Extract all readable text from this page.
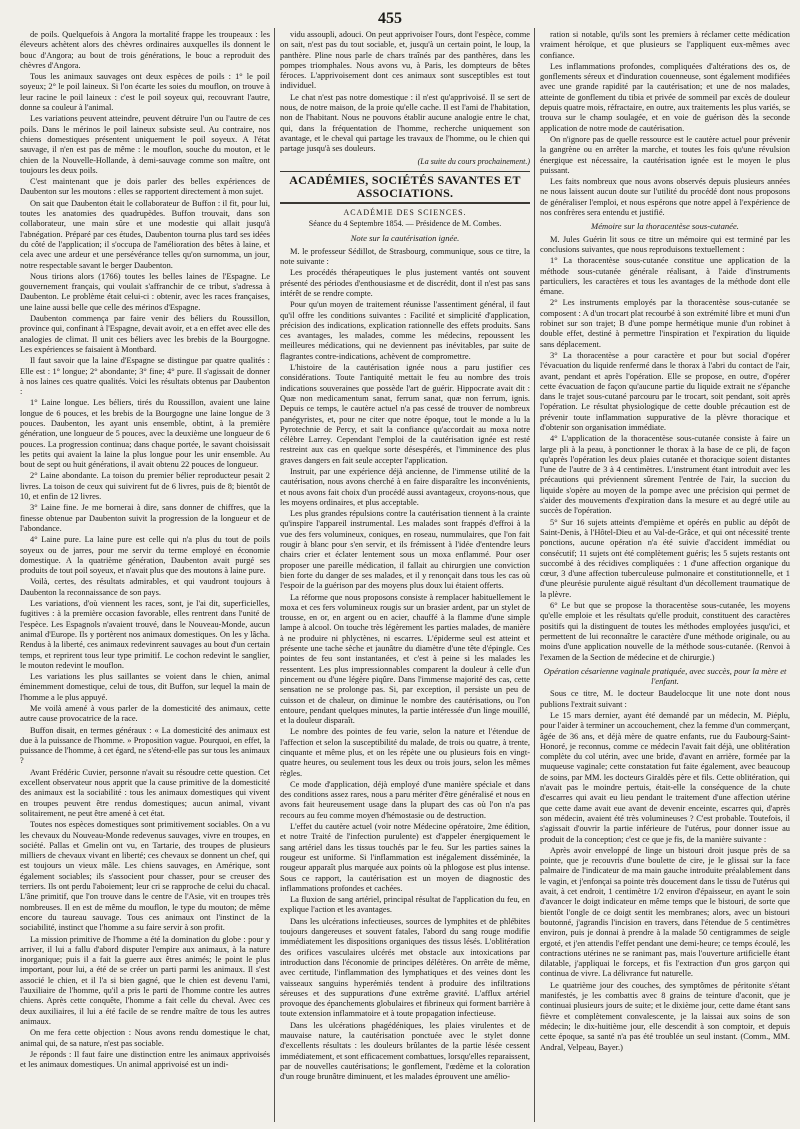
455

de poils. Quelquefois à Angora la mortalité frappe les troupeaux : les éleveurs achètent alors des chèvres ordinaires auxquelles ils donnent le bouc d'Angora; au bout de trois générations, le bouc a reproduit des chèvres d'Angora.

Tous les animaux sauvages ont deux espèces de poils : 1° le poil soyeux; 2° le poil laineux. Si l'on écarte les soies du mouflon, on trouve à leur racine le poil laineux : c'est le poil soyeux qui, recouvrant l'autre, donne sa couleur à l'animal.

Les variations peuvent atteindre, peuvent détruire l'un ou l'autre de ces poils. Dans le mérinos le poil laineux subsiste seul. Au contraire, nos chiens domestiques présentent uniquement le poil soyeux. A l'état sauvage, il n'en est pas de même : le mouflon, souche du mouton, et le chien de la Nouvelle-Hollande, à demi-sauvage comme son maître, ont toujours les deux poils.

C'est maintenant que je dois parler des belles expériences de Daubenton sur les moutons : elles se rapportent directement à mon sujet.

On sait que Daubenton était le collaborateur de Buffon : il fit, pour lui, toutes les anatomies des quadrupèdes. Buffon trouvait, dans son collaborateur, une main sûre et une modestie qui allait jusqu'à l'abnégation. Préparé par ces études, Daubenton tourna plus tard ses idées du côté de l'application; il s'occupa de l'amélioration des bêtes à laine, et cela avec une ardeur et une persévérance telles qu'on surnomma, un jour, notre respectable savant le berger Daubenton.

Nous tirions alors (1766) toutes les belles laines de l'Espagne. Le gouvernement français, qui voulait s'affranchir de ce tribut, s'adressa à Daubenton. Le problème était celui-ci : obtenir, avec les races françaises, une laine aussi belle que celle des mérinos d'Espagne.

Daubenton commença par faire venir des béliers du Roussillon, province qui, confinant à l'Espagne, devait avoir, et a en effet avec elle des analogies de climat. Il unit ces béliers avec les brebis de la Bourgogne. Les expériences se faisaient à Montbard.

Il faut savoir que la laine d'Espagne se distingue par quatre qualités : Elle est : 1° longue; 2° abondante; 3° fine; 4° pure. Il s'agissait de donner à nos laines ces quatre qualités. Voici les résultats obtenus par Daubenton :

1° Laine longue. Les béliers, tirés du Roussillon, avaient une laine longue de 6 pouces, et les brebis de la Bourgogne une laine longue de 3 pouces. Daubenton, les ayant unis ensemble, obtint, à la première génération, une longueur de 5 pouces, avec la deuxième une longueur de 6 pouces. La progression continua; dans chaque portée, le savant choisissait les petits qui avaient la laine la plus longue pour les unir ensemble. Au bout de sept ou huit générations, il avait obtenu 22 pouces de longueur.

2° Laine abondante. La toison du premier bélier reproducteur pesait 2 livres. La toison de ceux qui suivirent fut de 6 livres, puis de 8; bientôt de 10, et enfin de 12 livres.

3° Laine fine. Je me bornerai à dire, sans donner de chiffres, que la finesse obtenue par Daubenton suivit la progression de la longueur et de l'abondance.

4° Laine pure. La laine pure est celle qui n'a plus du tout de poils soyeux ou de jarres, pour me servir du terme employé en économie domestique. A la quatrième génération, Daubenton avait purgé ses produits de tout poil soyeux, et n'avait plus que des moutons à laine pure.

Voilà, certes, des résultats admirables, et qui vaudront toujours à Daubenton la reconnaissance de son pays.

Les variations, d'où viennent les races, sont, je l'ai dit, superficielles, fugitives : à la première occasion favorable, elles rentrent dans l'unité de l'espèce. Les Espagnols n'avaient trouvé, dans le Nouveau-Monde, aucun animal d'Europe. Ils y portèrent nos animaux domestiques. On les y lâcha. Rendus à la liberté, ces animaux redevinrent sauvages au bout d'un certain temps, et reprirent tous leur type primitif. Le cochon redevint le sanglier, le mouton redevint le mouflon.

Les variations les plus saillantes se voient dans le chien, animal éminemment domestique, celui de tous, dit Buffon, sur lequel la main de l'homme a le plus appuyé.

Me voilà amené à vous parler de la domesticité des animaux, cette autre cause provocatrice de la race.

Buffon disait, en termes généraux : « La domesticité des animaux est due à la puissance de l'homme. » Proposition vague. Pourquoi, en effet, la puissance de l'homme, à cet égard, ne s'étend-elle pas sur tous les animaux ?

Avant Frédéric Cuvier, personne n'avait su résoudre cette question. Cet excellent observateur nous apprit que la cause primitive de la domesticité des animaux est la sociabilité : tous les animaux domestiques qui vivent en troupes peuvent être rendus domestiques; aucun animal, vivant solitairement, ne peut être amené à cet état.

Toutes nos espèces domestiques sont primitivement sociables. On a vu les chevaux du Nouveau-Monde redevenus sauvages, vivre en troupes, en société. Pallas et Gmelin ont vu, en Tartarie, des troupes de plusieurs milliers de chevaux vivant en liberté; ces chevaux se donnent un chef, qui est toujours un vieux mâle. Les chiens sauvages, en Amérique, sont également sociables; ils s'associent pour chasser, pour se creuser des terriers. Ils ont perdu l'aboiement; leur cri se rapproche de celui du chacal. L'âne primitif, que l'on trouve dans le centre de l'Asie, vit en troupes très nombreuses. Il en est de même du mouflon, le type du mouton; de même encore du taureau sauvage. Tous ces animaux ont l'instinct de la sociabilité, instinct que l'homme a su faire servir à son profit.

La mission primitive de l'homme a été la domination du globe : pour y arriver, il lui a fallu d'abord disputer l'empire aux animaux, à la nature inorganique; puis il a fait la guerre aux êtres animés; le point le plus important, pour lui, a été de se créer un parti parmi les animaux. Il s'est associé le chien, et il l'a si bien gagné, que le chien est devenu l'ami, l'auxiliaire de l'homme, qu'il a pris le parti de l'homme contre les autres chiens. Après cette conquête, l'homme a fait celle du cheval. Avec ces deux auxiliaires, il lui a été facile de se rendre maître de tous les autres animaux.

On me fera cette objection : Nous avons rendu domestique le chat, animal qui, de sa nature, n'est pas sociable.

Je réponds : Il faut faire une distinction entre les animaux apprivoisés et les animaux domestiques. Un animal apprivoisé est un indi-

vidu assoupli, adouci. On peut apprivoiser l'ours, dont l'espèce, comme on sait, n'est pas du tout sociable, et, jusqu'à un certain point, le loup, la panthère. Pline nous parle de chars traînés par des panthères, dans les pompes triomphales. Nous avons vu, à Paris, les dompteurs de bêtes féroces. L'apprivoisement dont ces animaux sont susceptibles est tout individuel.

Le chat n'est pas notre domestique : il n'est qu'apprivoisé. Il se sert de nous, de notre maison, de la proie qu'elle cache. Il est l'ami de l'habitation, non de l'habitant. Nous ne pouvons établir aucune analogie entre le chat, qui, dans la fréquentation de l'homme, recherche uniquement son avantage, et le cheval qui partage les travaux de l'homme, ou le chien qui partage jusqu'à ses douleurs.

(La suite du cours prochainement.)
ACADÉMIES, SOCIÉTÉS SAVANTES ET ASSOCIATIONS.
ACADÉMIE DES SCIENCES.
Séance du 4 Septembre 1854. — Présidence de M. Combes.
Note sur la cautérisation ignée.

M. le professeur Sédillot, de Strasbourg, communique, sous ce titre, la note suivante :

Les procédés thérapeutiques le plus justement vantés ont souvent présenté des périodes d'enthousiasme et de discrédit, dont il n'est pas sans intérêt de se rendre compte.

Pour qu'un moyen de traitement réunisse l'assentiment général, il faut qu'il offre les conditions suivantes : Facilité et simplicité d'application, précision des indications, explication rationnelle des effets produits. Sans ces avantages, les malades, comme les médecins, repoussent les meilleures médications, qui ne deviennent pas inévitables, par suite de flagrantes contre-indications, achèvent de compromettre.

L'histoire de la cautérisation ignée nous a paru justifier ces considérations. Toute l'antiquité mettait le feu au nombre des trois indications souveraines que possède l'art de guérir. Hippocrate avait dit : Quæ non medicamentum sanat, ferrum sanat, quæ non ferrum, ignis. Depuis ce temps, le cautère actuel n'a pas cessé de trouver de nombreux panégyristes, et, pour ne citer que notre époque, tout le monde a lu la Pyrotechnie de Percy, et sait la confiance qu'accordait au moxa notre célèbre Larrey. Cependant l'emploi de la cautérisation ignée est resté restreint aux cas en quelque sorte désespérés, et l'imminence des plus graves dangers en fait seule accepter l'application.

Instruit, par une expérience déjà ancienne, de l'immense utilité de la cautérisation, nous avons cherché à en faire disparaître les inconvénients, et nous avons fait choix d'un procédé aussi avantageux, croyons-nous, que les moyens ordinaires, et plus acceptable.

Les plus grandes répulsions contre la cautérisation tiennent à la crainte qu'inspire l'appareil instrumental. Les malades sont frappés d'effroi à la vue des fers volumineux, coniques, en roseau, nummulaires, que l'on fait rougir à blanc pour s'en servir, et ils frémissent à l'idée d'entendre leurs chairs crier et éclater lentement sous un moxa enflammé. Pour oser proposer une pareille médication, il fallait au chirurgien une conviction bien forte du danger de ses malades, et il y renonçait dans tous les cas où l'espoir de la guérison par des moyens plus doux lui étaient offerts.

La réforme que nous proposons consiste à remplacer habituellement le moxa et ces fers volumineux rougis sur un brasier ardent, par un stylet de trousse, en or, en argent ou en acier, chauffé à la flamme d'une simple lampe à alcool. On touche très légèrement les parties malades, de manière à ne produire ni phlyctènes, ni escarres. L'épiderme seul est atteint et présente une tache sèche et jaunâtre du diamètre d'une tête d'épingle. Ces pointes de feu sont instantanées, et c'est à peine si les malades les ressentent. Les plus impressionnables comparent la douleur à celle d'un pincement ou d'une légère piqûre. Dans l'immense majorité des cas, cette sensation ne se prolonge pas. Si, par exception, il persiste un peu de cuisson et de chaleur, on diminue le nombre des cautérisations, ou l'on entoure, pendant quelques minutes, la partie intéressée d'un linge mouillé, et la douleur disparaît.

Le nombre des pointes de feu varie, selon la nature et l'étendue de l'affection et selon la susceptibilité du malade, de trois ou quatre, à trente, cinquante et même plus, et on les répète une ou plusieurs fois en vingt-quatre heures, ou seulement tous les deux ou trois jours, selon les mêmes règles.

Ce mode d'application, déjà employé d'une manière spéciale et dans des conditions assez rares, nous a paru mériter d'être généralisé et nous en avons fait heureusement usage dans la plupart des cas où l'on n'a pas recours au feu comme moyen d'hémostasie ou de destruction.

L'effet du cautère actuel (voir notre Médecine opératoire, 2me édition, et notre Traité de l'infection purulente) est d'appeler énergiquement le sang artériel dans les tissus touchés par le feu. Sur les parties saines la rougeur est uniforme. Si l'inflammation est inégalement disséminée, la rougeur apparaît plus marquée aux points où la phlogose est plus intense. Sous ce rapport, la cautérisation est un moyen de diagnostic des inflammations profondes et cachées.

La fluxion de sang artériel, principal résultat de l'application du feu, en explique l'action et les avantages.

Dans les ulcérations infectieuses, sources de lymphites et de phlébites toujours dangereuses et souvent fatales, l'abord du sang rouge modifie immédiatement les dispositions organiques des tissus lésés. L'oblitération des orifices vasculaires ulcérés met obstacle aux intoxications par introduction dans l'économie de principes délétères. On arrête de même, avec certitude, l'inflammation des lymphatiques et des veines dont les vaisseaux sanguins hyperémiés tendent à produire des infiltrations séreuses et des suppurations d'une extrême gravité. L'afflux artériel provoque des épanchements globulaires et fibrineux qui forment barrière à toute extension inflammatoire et à toute propagation infectieuse.

Dans les ulcérations phagédéniques, les plaies virulentes et de mauvaise nature, la cautérisation ponctuée avec le stylet donne d'excellents résultats : les douleurs brûlantes de la partie lésée cessent immédiatement, et sont efficacement combattues, lorsqu'elles reparaissent, par de nouvelles cautérisations; le gonflement, l'œdème et la coloration d'un rouge brunâtre diminuent, et les malades éprouvent une amélio-

ration si notable, qu'ils sont les premiers à réclamer cette médication vraiment héroïque, et que plusieurs se l'appliquent eux-mêmes avec confiance.

Les inflammations profondes, compliquées d'altérations des os, de gonflements séreux et d'induration couenneuse, sont également modifiées avec une grande rapidité par la cautérisation; et une de nos malades, atteinte de gonflement du tibia et privée de sommeil par excès de douleur depuis quatre mois, réfractaire, en outre, aux traitements les plus variés, se trouva sur le champ soulagée, et en voie de guérison dès la seconde application de notre mode de cautérisation.

On n'ignore pas de quelle ressource est le cautère actuel pour prévenir la gangrène ou en arrêter la marche, et toutes les fois qu'une révulsion énergique est nécessaire, la cautérisation ignée est le moyen le plus puissant.

Les faits nombreux que nous avons observés depuis plusieurs années ne nous laissent aucun doute sur l'utilité du procédé dont nous proposons de généraliser l'emploi, et nous espérons que notre appel à l'expérience de nos confrères sera entendu et justifié.

Mémoire sur la thoracentèse sous-cutanée.

M. Jules Guérin lit sous ce titre un mémoire qui est terminé par les conclusions suivantes, que nous reproduisons textuellement :

1° La thoracentèse sous-cutanée constitue une application de la méthode sous-cutanée générale réalisant, à l'aide d'instruments particuliers, les caractères et tous les avantages de la méthode dont elle émane.

2° Les instruments employés par la thoracentèse sous-cutanée se composent : A d'un trocart plat recourbé à son extrémité libre et muni d'un robinet sur son trajet; B d'une pompe hermétique munie d'un robinet à double effet, destiné à permettre l'inspiration et l'expiration du liquide sans déplacement.

3° La thoracentèse a pour caractère et pour but social d'opérer l'évacuation du liquide renfermé dans le thorax à l'abri du contact de l'air, avant, pendant et après l'opération. Elle se propose, en outre, d'opérer cette évacuation de façon qu'aucune partie du liquide extrait ne s'épanche dans le trajet sous-cutané parcouru par le trocart, soit pendant, soit après l'opération. Le résultat physiologique de cette double précaution est de prévenir toute inflammation suppurative de la plèvre thoracique et d'obtenir son organisation immédiate.

4° L'application de la thoracentèse sous-cutanée consiste à faire un large pli à la peau, à ponctionner le thorax à la base de ce pli, de façon qu'après l'opération les deux plaies cutanée et thoracique soient distantes l'une de l'autre de 3 à 4 centimètres. L'instrument étant introduit avec les précautions qui préviennent sûrement l'entrée de l'air, la succion du liquide s'opère au moyen de la pompe avec une précision qui permet de s'aider des mouvements d'expiration dans la mesure et au degré utile au succès de l'opération.

5° Sur 16 sujets atteints d'empième et opérés en public au dépôt de Saint-Denis, à l'Hôtel-Dieu et au Val-de-Grâce, et qui ont nécessité trente ponctions, aucune opération n'a été suivie d'accident immédiat ou consécutif; 11 sujets ont été complètement guéris; les 5 sujets restants ont succombé à des récidives compliquées : 1 d'une affection organique du cœur, 3 d'une affection tuberculeuse pulmonaire et constitutionnelle, et 1 d'une pleurésie purulente aiguë résultant d'un décollement traumatique de la plèvre.

6° Le but que se propose la thoracentèse sous-cutanée, les moyens qu'elle emploie et les résultats qu'elle produit, constituent des caractères positifs qui la distinguent de toutes les méthodes employées jusqu'ici, et permettent de lui reconnaître le caractère d'une méthode originale, ou au moins d'une application nouvelle de la méthode sous-cutanée. (Renvoi à l'examen de la Section de médecine et de chirurgie.)

Opération césarienne vaginale pratiquée, avec succès, pour la mère et l'enfant.

Sous ce titre, M. le docteur Baudelocque lit une note dont nous publions l'extrait suivant :

Le 15 mars dernier, ayant été demandé par un médecin, M. Piéplu, pour l'aider à terminer un accouchement, chez la femme d'un commerçant, âgée de 36 ans, et déjà mère de quatre enfants, rue du Faubourg-Saint-Honoré, je reconnus, comme ce médecin l'avait fait déjà, une oblitération complète du col utérin, avec une bride, d'avant en arrière, formée par la muqueuse vaginale; cette constatation fut faite également, avec beaucoup de soins, par MM. les docteurs Giraldès père et fils. Cette oblitération, qui n'avait pas le moindre pertuis, était-elle la conséquence de la chute d'escarres qui avait eu lieu pendant le traitement d'une affection utérine que cette dame avait eue avant de devenir enceinte, escarres qui, d'après son médecin, avaient été très volumineuses ? C'est probable. Toutefois, il s'agissait d'ouvrir la partie inférieure de l'utérus, pour donner issue au produit de la conception; c'est ce que je fis, de la manière suivante :

Après avoir enveloppé de linge un bistouri droit jusque près de sa pointe, que je recouvris d'une boulette de cire, je le glissai sur la face palmaire de l'indicateur de ma main gauche introduite préalablement dans le vagin, et j'enfonçai sa pointe très doucement dans le tissu de l'utérus qui avait, à cet endroit, 1 centimètre 1/2 environ d'épaisseur, en ayant le soin d'avancer le doigt indicateur en même temps que le bistouri, de sorte que bientôt l'ongle de ce doigt sentit les membranes; alors, avec un bistouri boutonné, j'agrandis l'incision en travers, dans l'étendue de 5 centimètres environ, puis je donnai à prendre à la malade 50 centigrammes de seigle ergoté, et j'en attendis l'effet pendant une demi-heure; ce temps écoulé, les contractions utérines ne se ranimant pas, mais l'ouverture artificielle étant dilatable, j'appliquai le forceps, et fis l'extraction d'un gros garçon qui continua de vivre. La délivrance fut naturelle.

Le quatrième jour des couches, des symptômes de péritonite s'étant manifestés, je les combattis avec 8 grains de teinture d'aconit, que je continuai plusieurs jours de suite; et le dixième jour, cette dame étant sans fièvre et complètement convalescente, je la laissai aux soins de son médecin; le dix-huitième jour, elle descendit à son comptoir, et depuis cette époque, sa santé n'a pas été troublée un seul instant. (Comm., MM. Andral, Velpeau, Bayer.)
